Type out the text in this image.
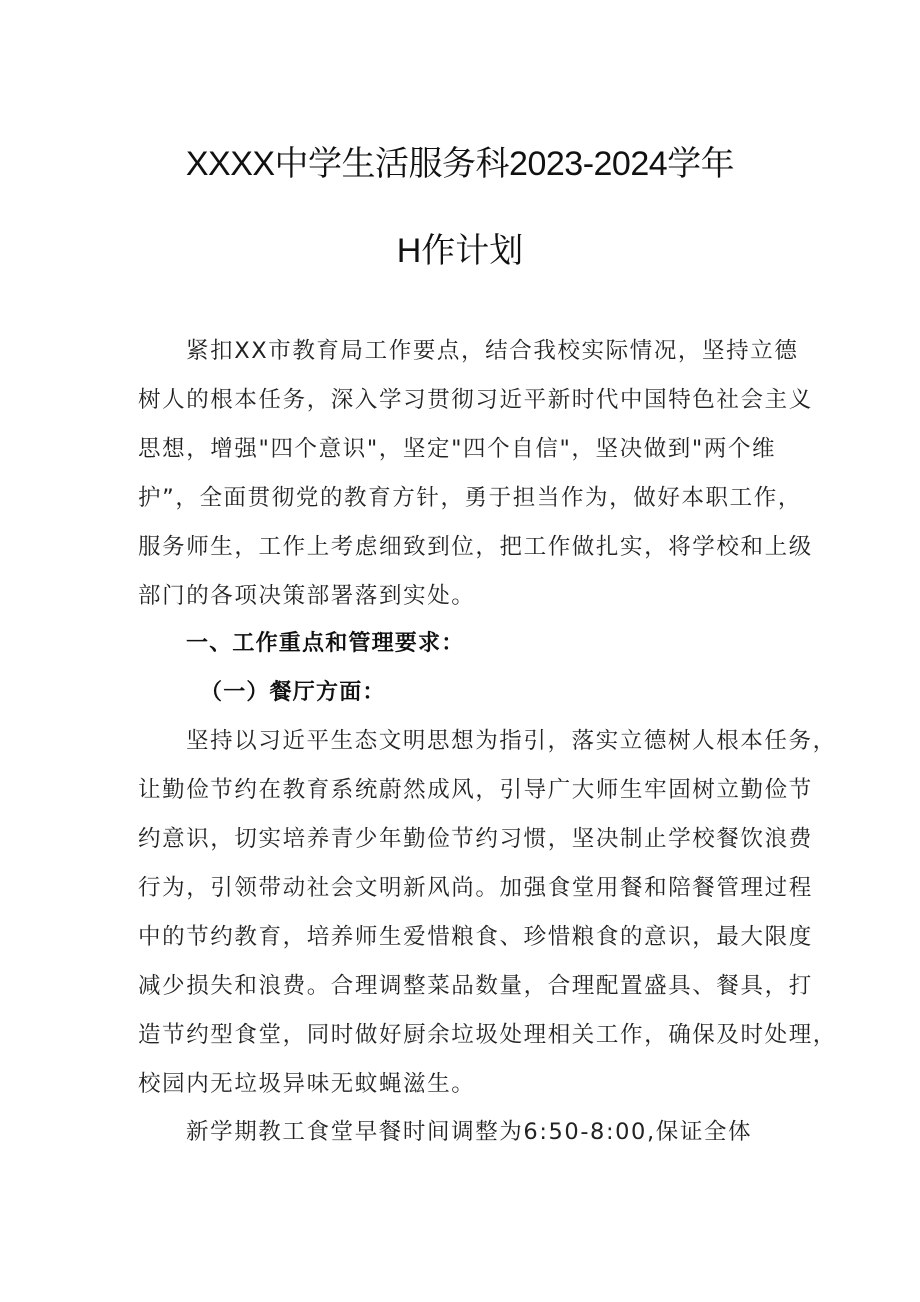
XXXX中学生活服务科2023-2024学年
H作计划
紧扣XX市教育局工作要点，结合我校实际情况，坚持立德
树人的根本任务，深入学习贯彻习近平新时代中国特色社会主义
思想，增强"四个意识"，坚定"四个自信"，坚决做到"两个维
护”，全面贯彻党的教育方针，勇于担当作为，做好本职工作，
服务师生，工作上考虑细致到位，把工作做扎实，将学校和上级
部门的各项决策部署落到实处。
一、工作重点和管理要求：
（一）餐厅方面：
坚持以习近平生态文明思想为指引，落实立德树人根本任务，
让勤俭节约在教育系统蔚然成风，引导广大师生牢固树立勤俭节
约意识，切实培养青少年勤俭节约习惯，坚决制止学校餐饮浪费
行为，引领带动社会文明新风尚。加强食堂用餐和陪餐管理过程
中的节约教育，培养师生爱惜粮食、珍惜粮食的意识，最大限度
减少损失和浪费。合理调整菜品数量，合理配置盛具、餐具，打
造节约型食堂，同时做好厨余垃圾处理相关工作，确保及时处理，
校园内无垃圾异味无蚊蝇滋生。
新学期教工食堂早餐时间调整为6:50-8:00,保证全体
